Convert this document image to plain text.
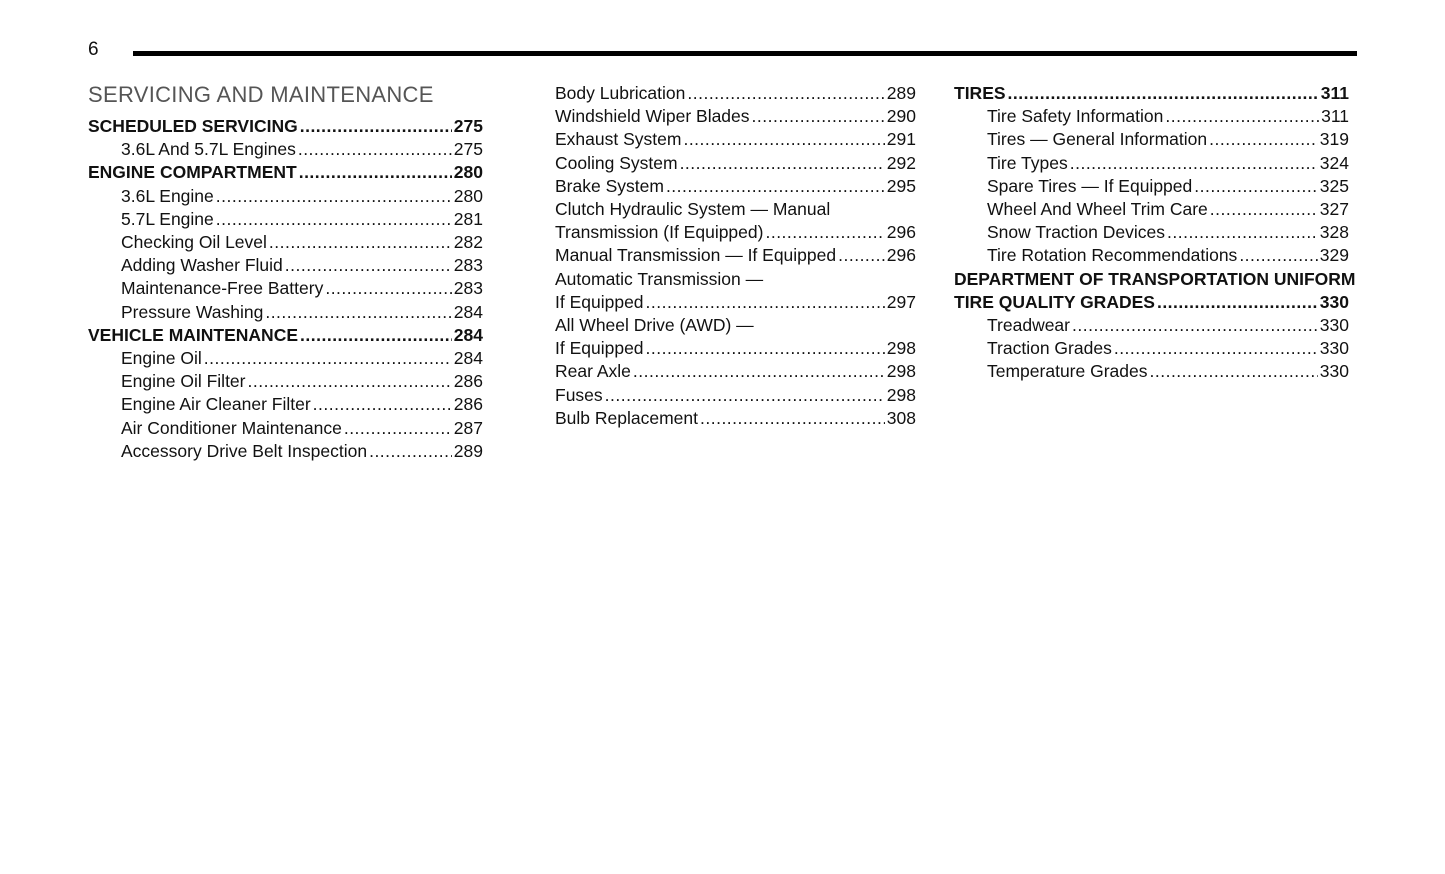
6
SERVICING AND MAINTENANCE
SCHEDULED SERVICING .....	275
3.6L And 5.7L Engines .....	275
ENGINE COMPARTMENT .....	280
3.6L Engine .....	280
5.7L Engine .....	281
Checking Oil Level .....	282
Adding Washer Fluid .....	283
Maintenance-Free Battery .....	283
Pressure Washing .....	284
VEHICLE MAINTENANCE .....	284
Engine Oil .....	284
Engine Oil Filter .....	286
Engine Air Cleaner Filter .....	286
Air Conditioner Maintenance .....	287
Accessory Drive Belt Inspection .....	289
Body Lubrication .....	289
Windshield Wiper Blades .....	290
Exhaust System .....	291
Cooling System .....	292
Brake System .....	295
Clutch Hydraulic System — Manual
Transmission (If Equipped) .....	296
Manual Transmission — If Equipped .....	296
Automatic Transmission —
If Equipped .....	297
All Wheel Drive (AWD) —
If Equipped .....	298
Rear Axle .....	298
Fuses .....	298
Bulb Replacement .....	308
TIRES .....	311
Tire Safety Information .....	311
Tires — General Information .....	319
Tire Types .....	324
Spare Tires — If Equipped .....	325
Wheel And Wheel Trim Care .....	327
Snow Traction Devices .....	328
Tire Rotation Recommendations .....	329
DEPARTMENT OF TRANSPORTATION UNIFORM
TIRE QUALITY GRADES .....	330
Treadwear .....	330
Traction Grades .....	330
Temperature Grades .....	330
